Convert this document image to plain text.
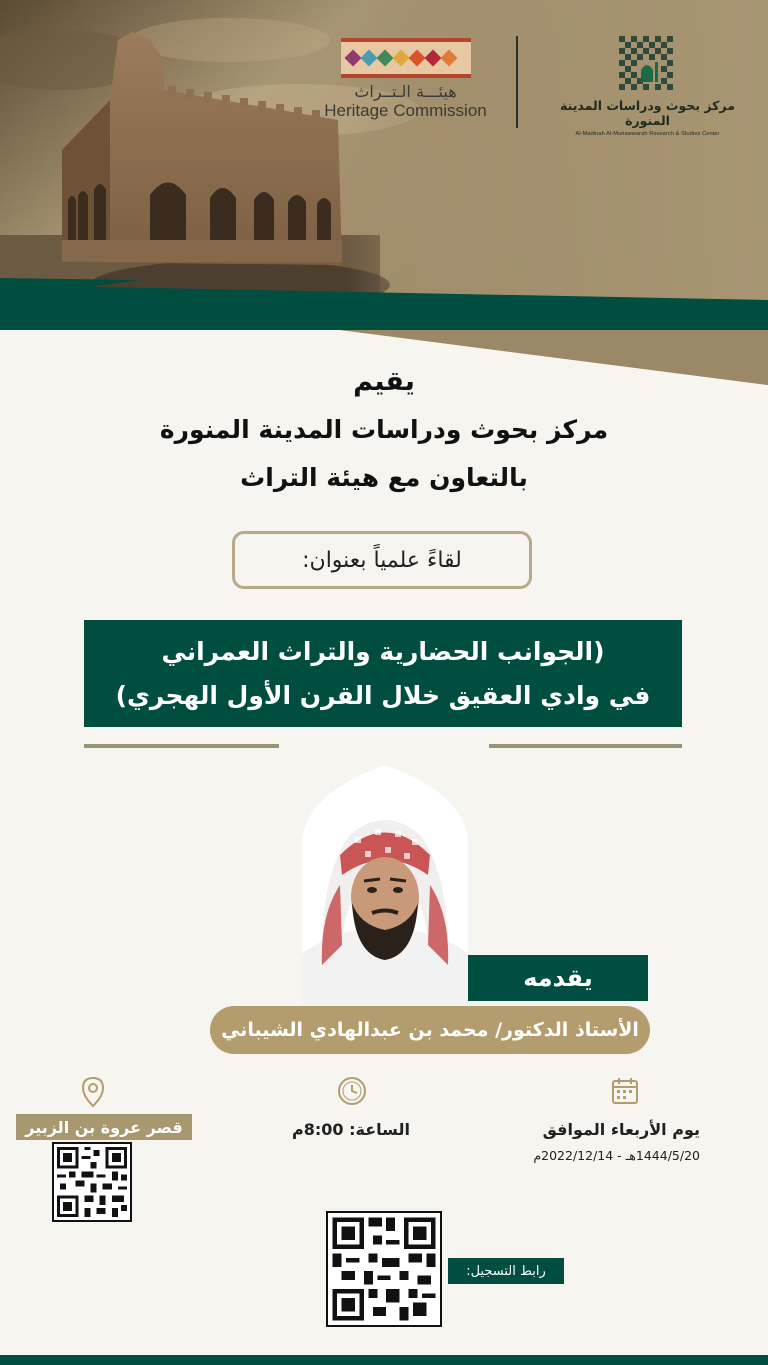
هيئـــة الـتــراث
Heritage Commission	مركز بحوث ودراسات المدينة المنورة
Al-Madinah Al-Munawwarah Research & Studies Center
يقيم
مركز بحوث ودراسات المدينة المنورة
بالتعاون مع هيئة التراث
لقاءً علمياً بعنوان:
(الجوانب الحضارية والتراث العمراني
في وادي العقيق خلال القرن الأول الهجري)
يقدمه
الأستاذ الدكتور/ محمد بن عبدالهادي الشيباني
قصر عروة بن الزبير	الساعة: 8:00م	يوم الأربعاء الموافق
1444/5/20هـ - 2022/12/14م
رابط التسجيل:
